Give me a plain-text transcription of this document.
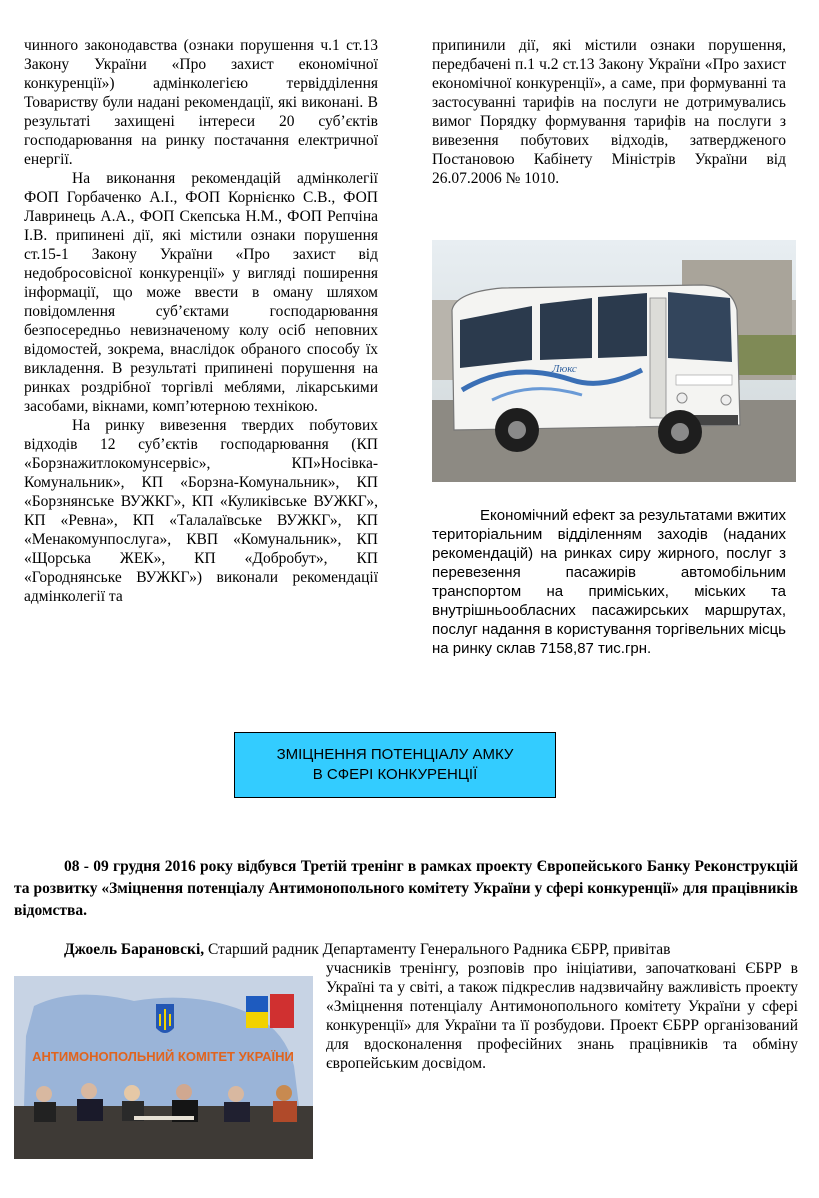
чинного законодавства (ознаки порушення ч.1 ст.13 Закону України «Про захист економічної конкуренції») адмінколегією тервідділення Товариству були надані рекомендації, які виконані. В результаті захищені інтереси 20 суб’єктів господарювання на ринку постачання електричної енергії.

На виконання рекомендацій адмінколегії ФОП Горбаченко А.І., ФОП Корнієнко С.В., ФОП Лавринець А.А., ФОП Скепська Н.М., ФОП Репчіна І.В. припинені дії, які містили ознаки порушення ст.15-1 Закону України «Про захист від недобросовісної конкуренції» у вигляді поширення інформації, що може ввести в оману шляхом повідомлення суб’єктами господарювання безпосередньо невизначеному колу осіб неповних відомостей, зокрема, внаслідок обраного способу їх викладення. В результаті припинені порушення на ринках роздрібної торгівлі меблями, лікарськими засобами, вікнами, комп’ютерною технікою.

На ринку вивезення твердих побутових відходів 12 суб’єктів господарювання (КП «Борзнажитлокомунсервіс», КП»Носівка-Комунальник», КП «Борзна-Комунальник», КП «Борзнянське ВУЖКГ», КП «Куликівське ВУЖКГ», КП «Ревна», КП «Талалаївське ВУЖКГ», КП «Менакомунпослуга», КВП «Комунальник», КП «Щорська ЖЕК», КП «Добробут», КП «Городнянське ВУЖКГ») виконали рекомендації адмінколегії та

припинили дії, які містили ознаки порушення, передбачені п.1 ч.2 ст.13 Закону України «Про захист економічної конкуренції», а саме, при формуванні та застосуванні тарифів на послуги не дотримувались вимог Порядку формування тарифів на послуги з вивезення побутових відходів, затвердженого Постановою Кабінету Міністрів України від 26.07.2006 № 1010.

Люкс

Економічний ефект за результатами вжитих територіальним відділенням заходів (наданих рекомендацій) на ринках сиру жирного, послуг з перевезення пасажирів автомобільним транспортом на приміських, міських та внутрішньообласних пасажирських маршрутах, послуг надання в користування торгівельних місць на ринку склав 7158,87 тис.грн.

ЗМІЦНЕННЯ ПОТЕНЦІАЛУ АМКУ
В СФЕРІ КОНКУРЕНЦІЇ
08 - 09 грудня 2016 року відбувся Третій тренінг в рамках проекту Європейського Банку Реконструкцій та розвитку «Зміцнення потенціалу Антимонопольного комітету України у сфері конкуренції» для працівників відомства.

Джоель Барановскі, Старший радник Департаменту Генерального Радника ЄБРР, привітав

учасників тренінгу, розповів про ініціативи, започатковані ЄБРР в Україні та у світі, а також підкреслив надзвичайну важливість проекту «Зміцнення потенціалу Антимонопольного комітету України у сфері конкуренції» для України та її розбудови. Проект ЄБРР організований для вдосконалення професійних знань працівників та обміну європейським досвідом.

АНТИМОНОПОЛЬНИЙ КОМІТЕТ УКРАЇНИ
